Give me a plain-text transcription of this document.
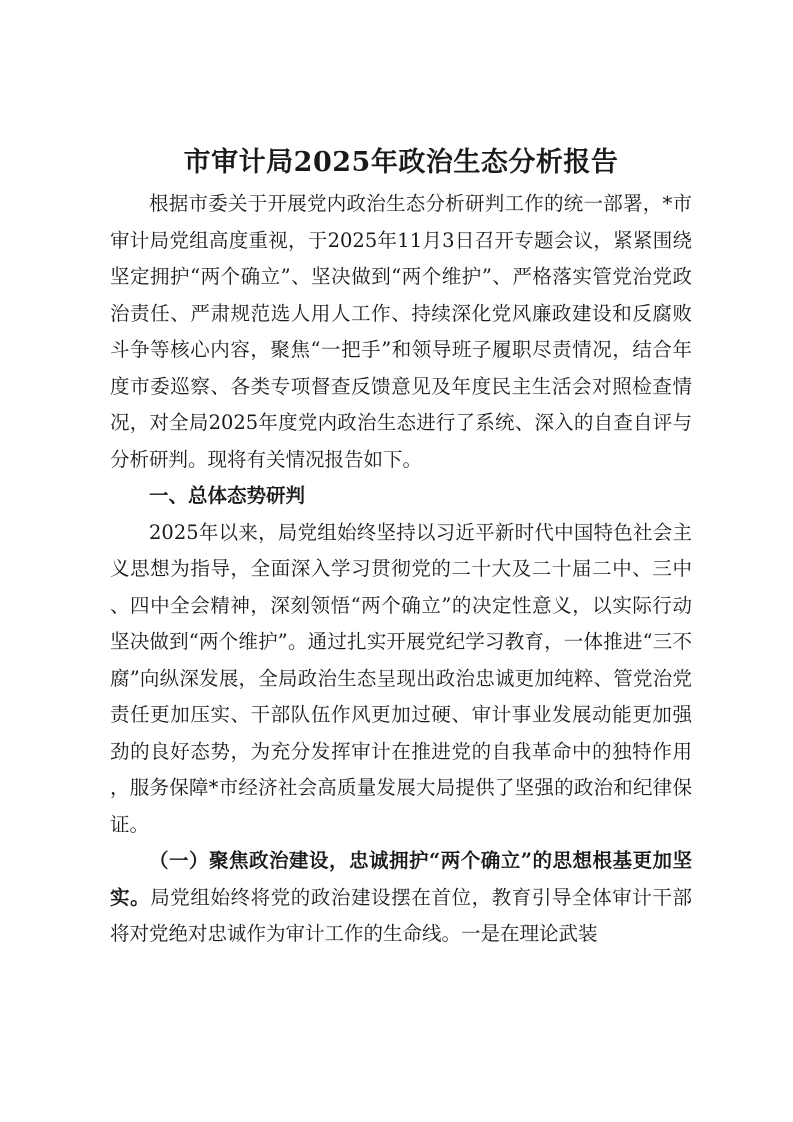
市审计局2025年政治生态分析报告

根据市委关于开展党内政治生态分析研判工作的统一部署，*市审计局党组高度重视，于2025年11月3日召开专题会议，紧紧围绕坚定拥护“两个确立”、坚决做到“两个维护”、严格落实管党治党政治责任、严肃规范选人用人工作、持续深化党风廉政建设和反腐败斗争等核心内容，聚焦“一把手”和领导班子履职尽责情况，结合年度市委巡察、各类专项督查反馈意见及年度民主生活会对照检查情况，对全局2025年度党内政治生态进行了系统、深入的自查自评与分析研判。现将有关情况报告如下。

一、总体态势研判

2025年以来，局党组始终坚持以习近平新时代中国特色社会主义思想为指导，全面深入学习贯彻党的二十大及二十届二中、三中、四中全会精神，深刻领悟“两个确立”的决定性意义，以实际行动坚决做到“两个维护”。通过扎实开展党纪学习教育，一体推进“三不腐”向纵深发展，全局政治生态呈现出政治忠诚更加纯粹、管党治党责任更加压实、干部队伍作风更加过硬、审计事业发展动能更加强劲的良好态势，为充分发挥审计在推进党的自我革命中的独特作用，服务保障*市经济社会高质量发展大局提供了坚强的政治和纪律保证。

（一）聚焦政治建设，忠诚拥护“两个确立”的思想根基更加坚实。局党组始终将党的政治建设摆在首位，教育引导全体审计干部将对党绝对忠诚作为审计工作的生命线。一是在理论武装
